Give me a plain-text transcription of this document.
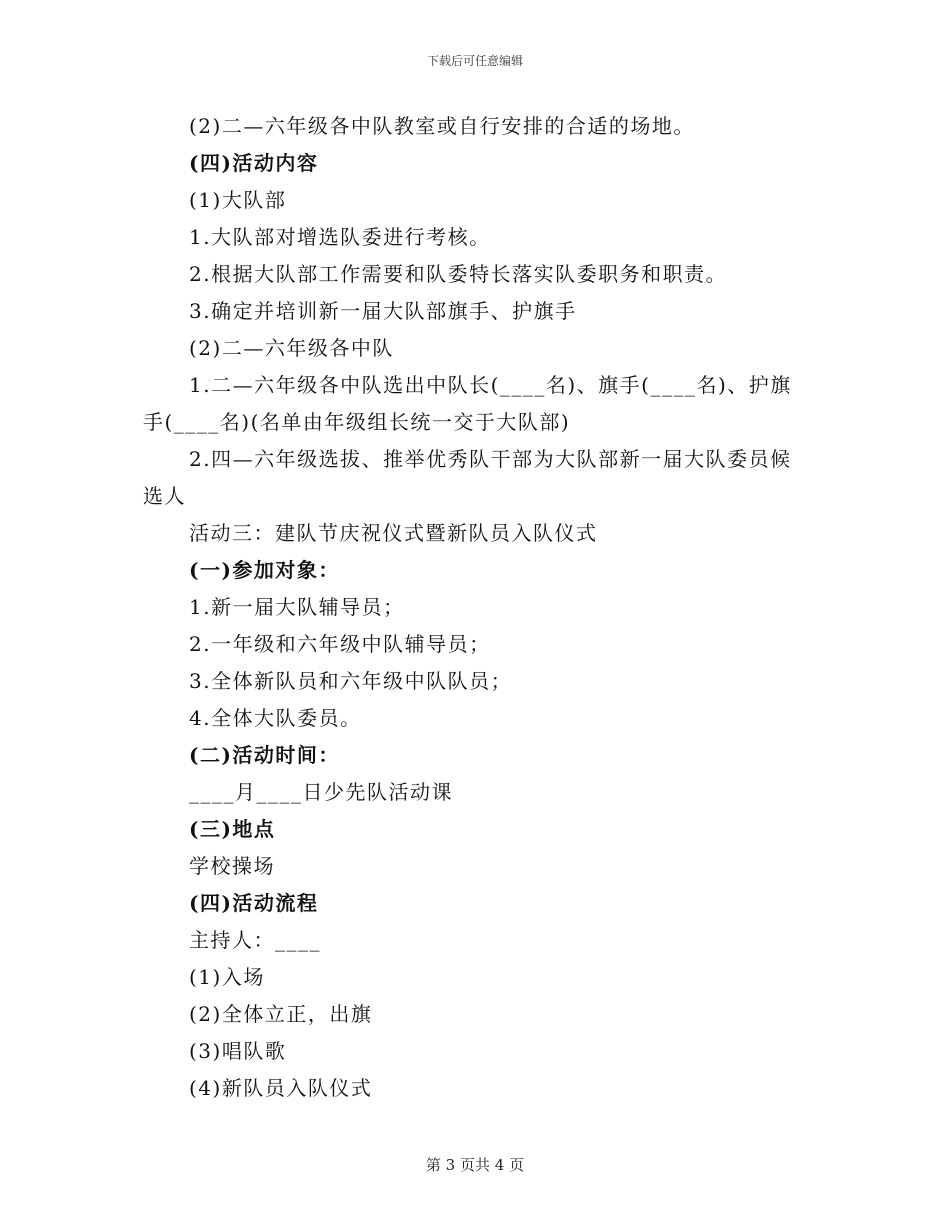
下载后可任意编辑

(2)二—六年级各中队教室或自行安排的合适的场地。

(四)活动内容

(1)大队部

1.大队部对增选队委进行考核。

2.根据大队部工作需要和队委特长落实队委职务和职责。

3.确定并培训新一届大队部旗手、护旗手

(2)二—六年级各中队

1.二—六年级各中队选出中队长(____名)、旗手(____名)、护旗手(____名)(名单由年级组长统一交于大队部)

2.四—六年级选拔、推举优秀队干部为大队部新一届大队委员候选人

活动三：建队节庆祝仪式暨新队员入队仪式

(一)参加对象：

1.新一届大队辅导员；

2.一年级和六年级中队辅导员；

3.全体新队员和六年级中队队员；

4.全体大队委员。

(二)活动时间：

____月____日少先队活动课

(三)地点

学校操场

(四)活动流程

主持人：____

(1)入场

(2)全体立正，出旗

(3)唱队歌

(4)新队员入队仪式

第 3 页共 4 页
